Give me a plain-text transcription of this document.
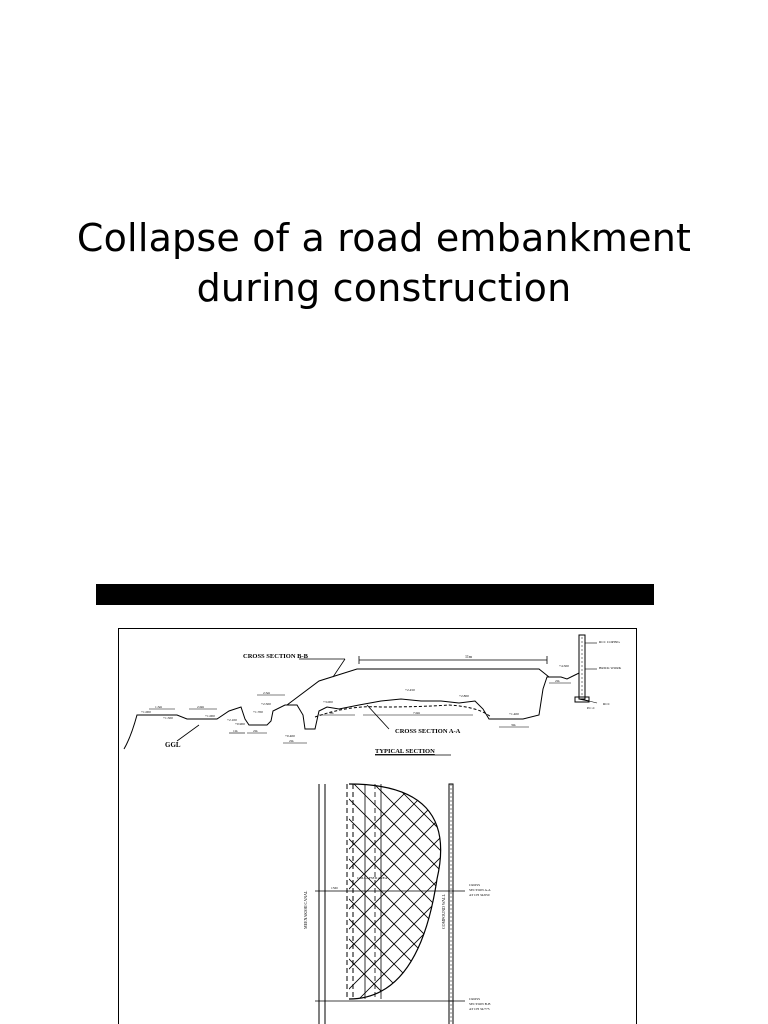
Collapse of a road embankment
during construction
CROSS SECTION B-B
CROSS SECTION A-A
TYPICAL SECTION
GGL
11m
1.5m	2.0m
2.5m
1m	2m
2m
3m	7.0m
3m
2m
+1.000
+1.500	+1.000
+0.900
+2.100
+2.500
+1.700
+0.400
+2.450
+3.000
+2.800
+1.400
+4.500
RCC COPING
BRICK WORK
P.C.C
RCC
MEENAKSHI CANAL	COMPOUND WALL
COLLAPSED AREA
15M
CROSS
SECTION A-A
AT CH 34/650
CROSS
SECTION B-B
AT CH 34/775
